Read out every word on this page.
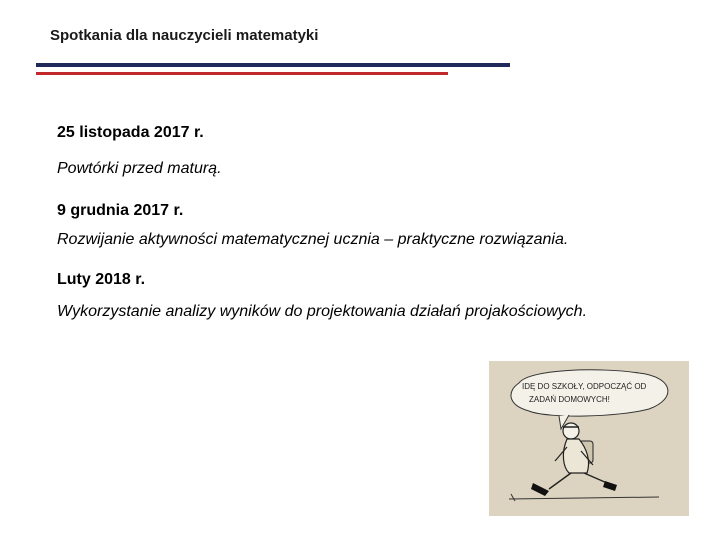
Spotkania dla nauczycieli matematyki

25 listopada 2017 r.

Powtórki przed maturą.

9 grudnia 2017 r.

Rozwijanie aktywności matematycznej ucznia – praktyczne rozwiązania.

Luty 2018 r.

Wykorzystanie analizy wyników do projektowania działań projakościowych.

IDĘ DO SZKOŁY, ODPOCZĄĆ OD
ZADAŃ DOMOWYCH!
